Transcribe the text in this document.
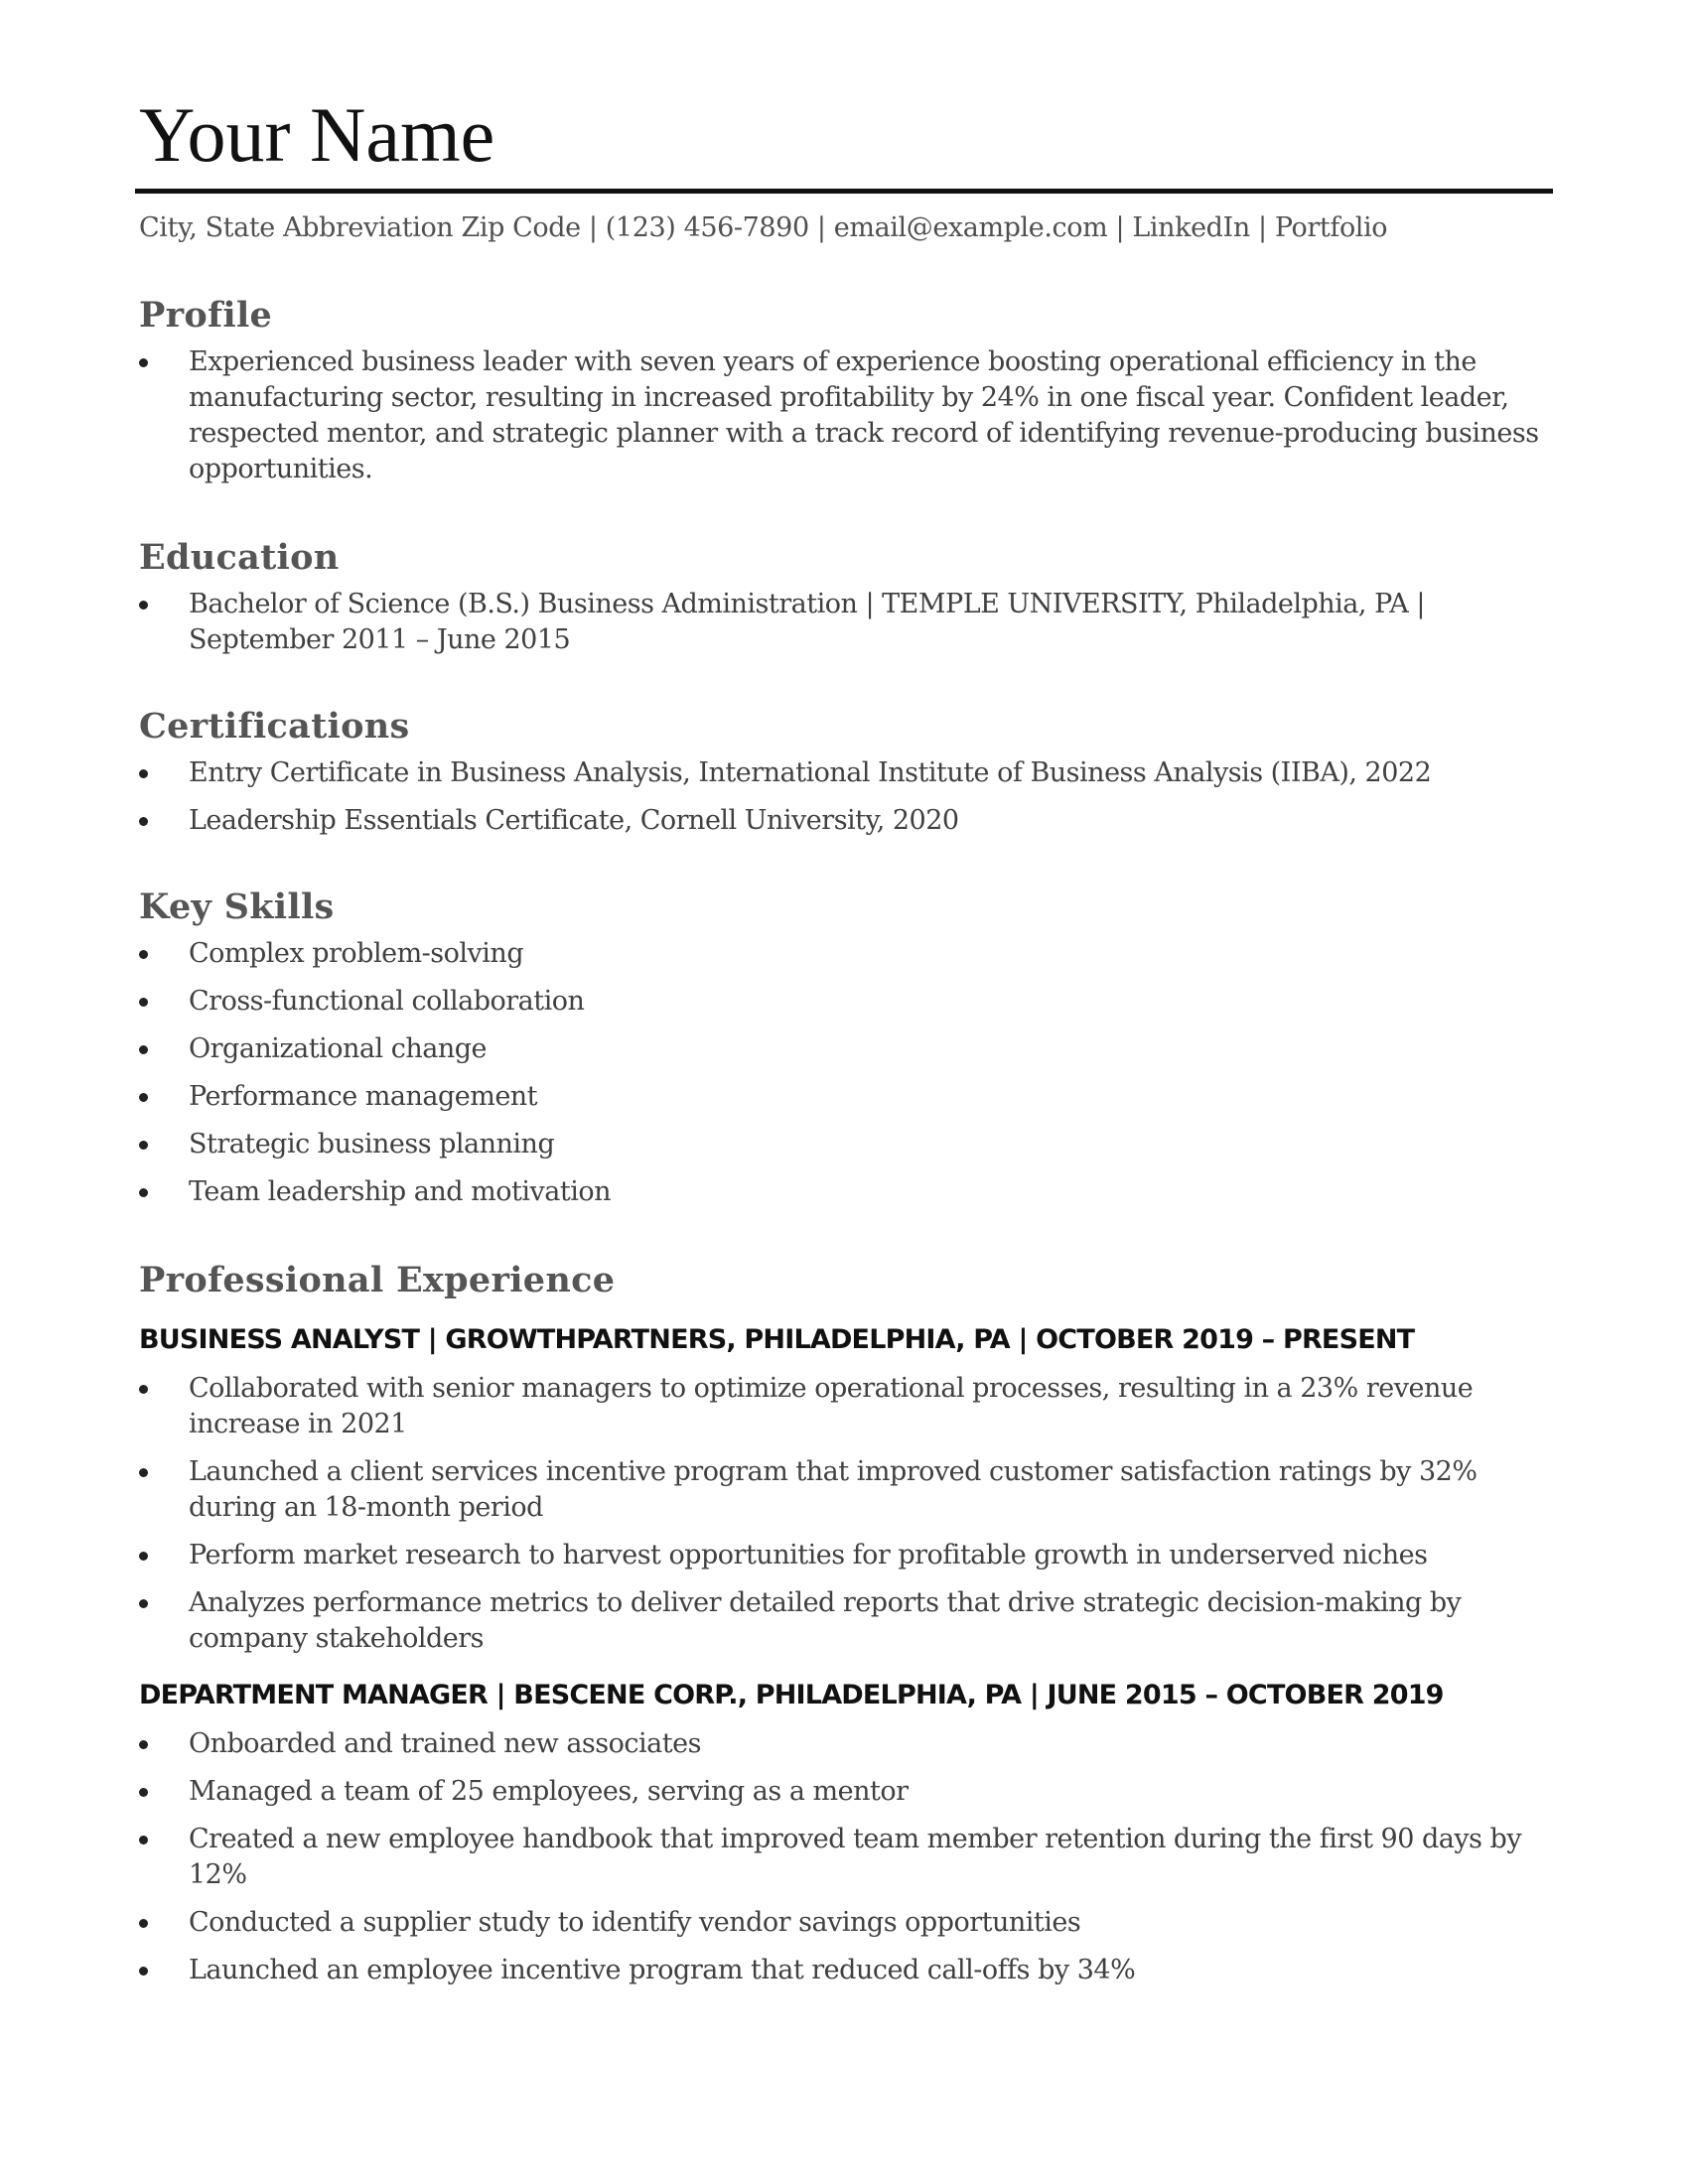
Your Name
City, State Abbreviation Zip Code | (123) 456-7890 | email@example.com | LinkedIn | Portfolio
Profile
Experienced business leader with seven years of experience boosting operational efficiency in the manufacturing sector, resulting in increased profitability by 24% in one fiscal year. Confident leader, respected mentor, and strategic planner with a track record of identifying revenue-producing business opportunities.
Education
Bachelor of Science (B.S.) Business Administration | TEMPLE UNIVERSITY, Philadelphia, PA | September 2011 – June 2015
Certifications
Entry Certificate in Business Analysis, International Institute of Business Analysis (IIBA), 2022
Leadership Essentials Certificate, Cornell University, 2020
Key Skills
Complex problem-solving
Cross-functional collaboration
Organizational change
Performance management
Strategic business planning
Team leadership and motivation
Professional Experience
BUSINESS ANALYST | GROWTHPARTNERS, PHILADELPHIA, PA | OCTOBER 2019 – PRESENT
Collaborated with senior managers to optimize operational processes, resulting in a 23% revenue increase in 2021
Launched a client services incentive program that improved customer satisfaction ratings by 32% during an 18-month period
Perform market research to harvest opportunities for profitable growth in underserved niches
Analyzes performance metrics to deliver detailed reports that drive strategic decision-making by company stakeholders
DEPARTMENT MANAGER | BESCENE CORP., PHILADELPHIA, PA | JUNE 2015 – OCTOBER 2019
Onboarded and trained new associates
Managed a team of 25 employees, serving as a mentor
Created a new employee handbook that improved team member retention during the first 90 days by 12%
Conducted a supplier study to identify vendor savings opportunities
Launched an employee incentive program that reduced call-offs by 34%
